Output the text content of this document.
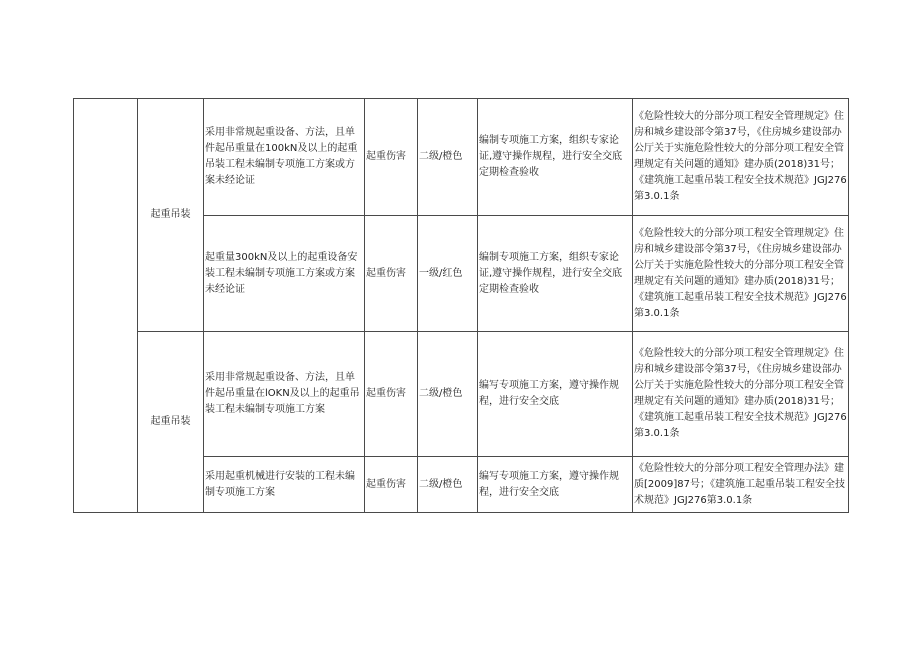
	起重吊装	采用非常规起重设备、方法，且单件起吊重量在100kN及以上的起重吊装工程未编制专项施工方案或方案未经论证	起重伤害	二级/橙色	编制专项施工方案，组织专家论证,遵守操作规程，进行安全交底定期检查验收	《危险性较大的分部分项工程安全管理规定》住房和城乡建设部令第37号，《住房城乡建设部办公厅关于实施危险性较大的分部分项工程安全管理规定有关问题的通知》建办质(2018)31号；《建筑施工起重吊装工程安全技术规范》JGJ276第3.0.1条
		起重量300kN及以上的起重设备安装工程未编制专项施工方案或方案未经论证	起重伤害	一级/红色	编制专项施工方案，组织专家论证,遵守操作规程，进行安全交底定期检查验收	《危险性较大的分部分项工程安全管理规定》住房和城乡建设部令第37号，《住房城乡建设部办公厅关于实施危险性较大的分部分项工程安全管理规定有关问题的通知》建办质(2018)31号；《建筑施工起重吊装工程安全技术规范》JGJ276第3.0.1条
	起重吊装	采用非常规起重设备、方法，且单件起吊重量在lOKN及以上的起重吊装工程未编制专项施工方案	起重伤害	二级/橙色	编写专项施工方案，遵守操作规程，进行安全交底	《危险性较大的分部分项工程安全管理规定》住房和城乡建设部令第37号，《住房城乡建设部办公厅关于实施危险性较大的分部分项工程安全管理规定有关问题的通知》建办质(2018)31号；《建筑施工起重吊装工程安全技术规范》JGJ276第3.0.1条
		采用起重机械进行安装的工程未编制专项施工方案	起重伤害	二级/橙色	编写专项施工方案，遵守操作规程，进行安全交底	《危险性较大的分部分项工程安全管理办法》建质[2009]87号；《建筑施工起重吊装工程安全技术规范》JGJ276第3.0.1条
